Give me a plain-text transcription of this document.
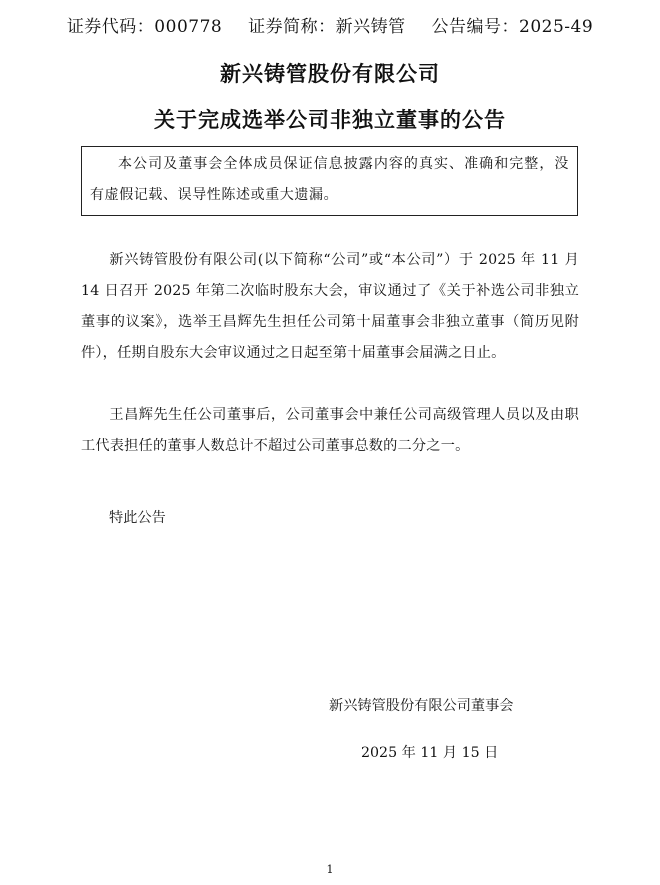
证券代码：000778 证券简称：新兴铸管 公告编号：2025-49
新兴铸管股份有限公司
关于完成选举公司非独立董事的公告
本公司及董事会全体成员保证信息披露内容的真实、准确和完整，没有虚假记载、误导性陈述或重大遗漏。
新兴铸管股份有限公司(以下简称“公司”或“本公司”）于 2025 年 11 月 14 日召开 2025 年第二次临时股东大会，审议通过了《关于补选公司非独立董事的议案》，选举王昌辉先生担任公司第十届董事会非独立董事（简历见附件），任期自股东大会审议通过之日起至第十届董事会届满之日止。
王昌辉先生任公司董事后，公司董事会中兼任公司高级管理人员以及由职工代表担任的董事人数总计不超过公司董事总数的二分之一。
特此公告
新兴铸管股份有限公司董事会
2025 年 11 月 15 日
1
